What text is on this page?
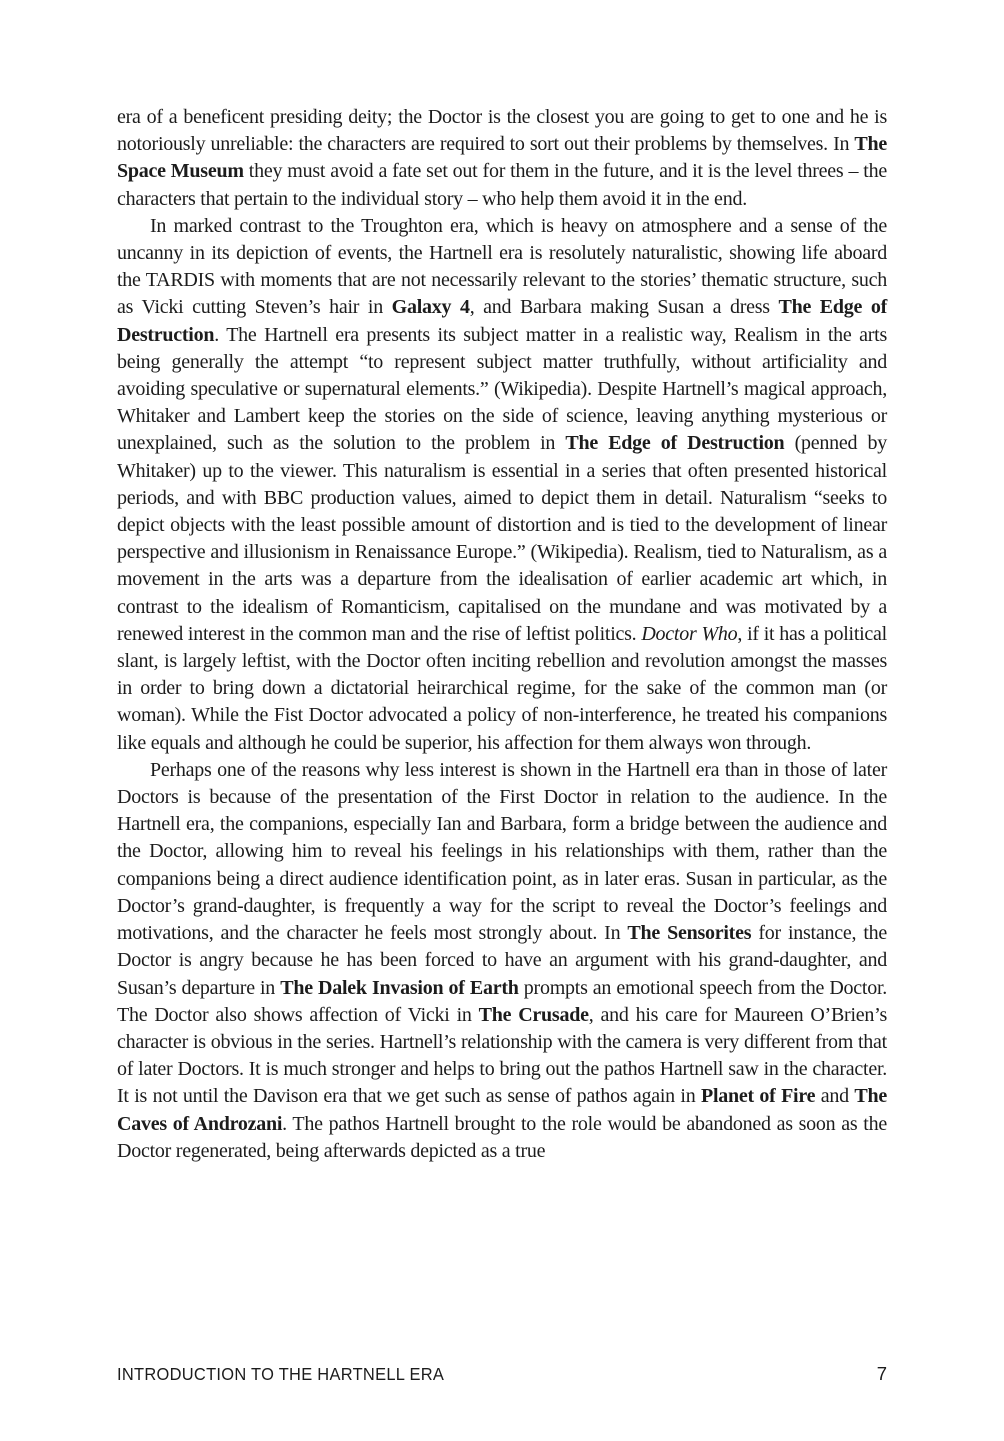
era of a beneficent presiding deity; the Doctor is the closest you are going to get to one and he is notoriously unreliable: the characters are required to sort out their problems by themselves. In The Space Museum they must avoid a fate set out for them in the future, and it is the level threes – the characters that pertain to the individual story – who help them avoid it in the end.

In marked contrast to the Troughton era, which is heavy on atmosphere and a sense of the uncanny in its depiction of events, the Hartnell era is resolutely naturalistic, showing life aboard the TARDIS with moments that are not necessarily relevant to the stories’ thematic structure, such as Vicki cutting Steven’s hair in Galaxy 4, and Barbara making Susan a dress The Edge of Destruction. The Hartnell era presents its subject matter in a realistic way, Realism in the arts being generally the attempt “to represent subject matter truthfully, without artificiality and avoiding speculative or supernatural elements.” (Wikipedia). Despite Hartnell’s magical approach, Whitaker and Lambert keep the stories on the side of science, leaving anything mysterious or unexplained, such as the solution to the problem in The Edge of Destruction (penned by Whitaker) up to the viewer. This naturalism is essential in a series that often presented historical periods, and with BBC production values, aimed to depict them in detail. Naturalism “seeks to depict objects with the least possible amount of distortion and is tied to the development of linear perspective and illusionism in Renaissance Europe.” (Wikipedia). Realism, tied to Naturalism, as a movement in the arts was a departure from the idealisation of earlier academic art which, in contrast to the idealism of Romanticism, capitalised on the mundane and was motivated by a renewed interest in the common man and the rise of leftist politics. Doctor Who, if it has a political slant, is largely leftist, with the Doctor often inciting rebellion and revolution amongst the masses in order to bring down a dictatorial heirarchical regime, for the sake of the common man (or woman). While the Fist Doctor advocated a policy of non-interference, he treated his companions like equals and although he could be superior, his affection for them always won through.

Perhaps one of the reasons why less interest is shown in the Hartnell era than in those of later Doctors is because of the presentation of the First Doctor in relation to the audience. In the Hartnell era, the companions, especially Ian and Barbara, form a bridge between the audience and the Doctor, allowing him to reveal his feelings in his relationships with them, rather than the companions being a direct audience identification point, as in later eras. Susan in particular, as the Doctor’s grand-daughter, is frequently a way for the script to reveal the Doctor’s feelings and motivations, and the character he feels most strongly about. In The Sensorites for instance, the Doctor is angry because he has been forced to have an argument with his grand-daughter, and Susan’s departure in The Dalek Invasion of Earth prompts an emotional speech from the Doctor. The Doctor also shows affection of Vicki in The Crusade, and his care for Maureen O’Brien’s character is obvious in the series. Hartnell’s relationship with the camera is very different from that of later Doctors. It is much stronger and helps to bring out the pathos Hartnell saw in the character. It is not until the Davison era that we get such as sense of pathos again in Planet of Fire and The Caves of Androzani. The pathos Hartnell brought to the role would be abandoned as soon as the Doctor regenerated, being afterwards depicted as a true

INTRODUCTION TO THE HARTNELL ERA	7
